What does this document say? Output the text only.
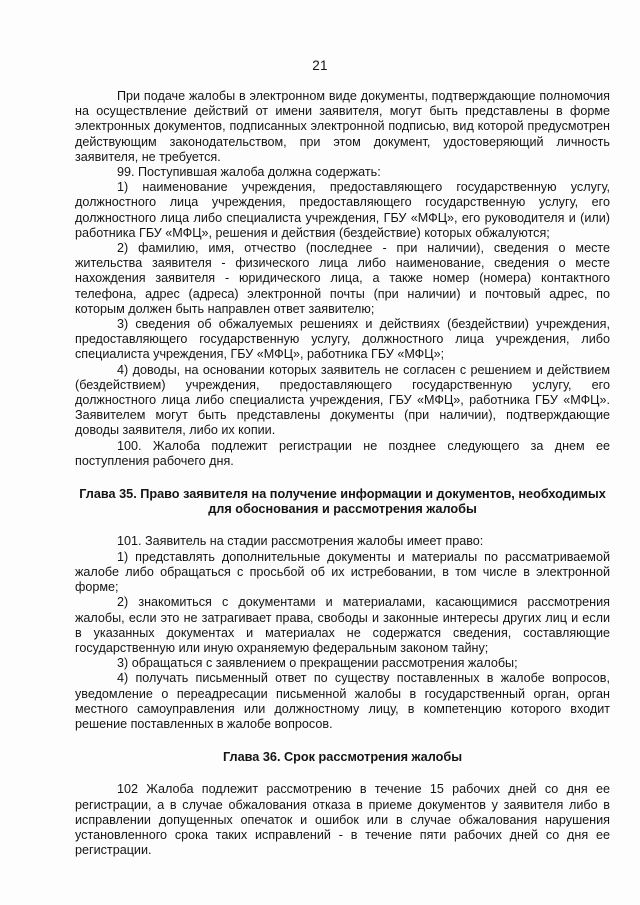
21

При подаче жалобы в электронном виде документы, подтверждающие полномочия на осуществление действий от имени заявителя, могут быть представлены в форме электронных документов, подписанных электронной подписью, вид которой предусмотрен действующим законодательством, при этом документ, удостоверяющий личность заявителя, не требуется.

99. Поступившая жалоба должна содержать:

1) наименование учреждения, предоставляющего государственную услугу, должностного лица учреждения, предоставляющего государственную услугу, его должностного лица либо специалиста учреждения, ГБУ «МФЦ», его руководителя и (или) работника ГБУ «МФЦ», решения и действия (бездействие) которых обжалуются;

2) фамилию, имя, отчество (последнее - при наличии), сведения о месте жительства заявителя - физического лица либо наименование, сведения о месте нахождения заявителя - юридического лица, а также номер (номера) контактного телефона, адрес (адреса) электронной почты (при наличии) и почтовый адрес, по которым должен быть направлен ответ заявителю;

3) сведения об обжалуемых решениях и действиях (бездействии) учреждения, предоставляющего государственную услугу, должностного лица учреждения, либо специалиста учреждения, ГБУ «МФЦ», работника ГБУ «МФЦ»;

4) доводы, на основании которых заявитель не согласен с решением и действием (бездействием) учреждения, предоставляющего государственную услугу, его должностного лица либо специалиста учреждения, ГБУ «МФЦ», работника ГБУ «МФЦ». Заявителем могут быть представлены документы (при наличии), подтверждающие доводы заявителя, либо их копии.

100. Жалоба подлежит регистрации не позднее следующего за днем ее поступления рабочего дня.

Глава 35. Право заявителя на получение информации и документов, необходимых для обоснования и рассмотрения жалобы

101. Заявитель на стадии рассмотрения жалобы имеет право:

1) представлять дополнительные документы и материалы по рассматриваемой жалобе либо обращаться с просьбой об их истребовании, в том числе в электронной форме;

2) знакомиться с документами и материалами, касающимися рассмотрения жалобы, если это не затрагивает права, свободы и законные интересы других лиц и если в указанных документах и материалах не содержатся сведения, составляющие государственную или иную охраняемую федеральным законом тайну;

3) обращаться с заявлением о прекращении рассмотрения жалобы;

4) получать письменный ответ по существу поставленных в жалобе вопросов, уведомление о переадресации письменной жалобы в государственный орган, орган местного самоуправления или должностному лицу, в компетенцию которого входит решение поставленных в жалобе вопросов.

Глава 36. Срок рассмотрения жалобы

102 Жалоба подлежит рассмотрению в течение 15 рабочих дней со дня ее регистрации, а в случае обжалования отказа в приеме документов у заявителя либо в исправлении допущенных опечаток и ошибок или в случае обжалования нарушения установленного срока таких исправлений - в течение пяти рабочих дней со дня ее регистрации.
